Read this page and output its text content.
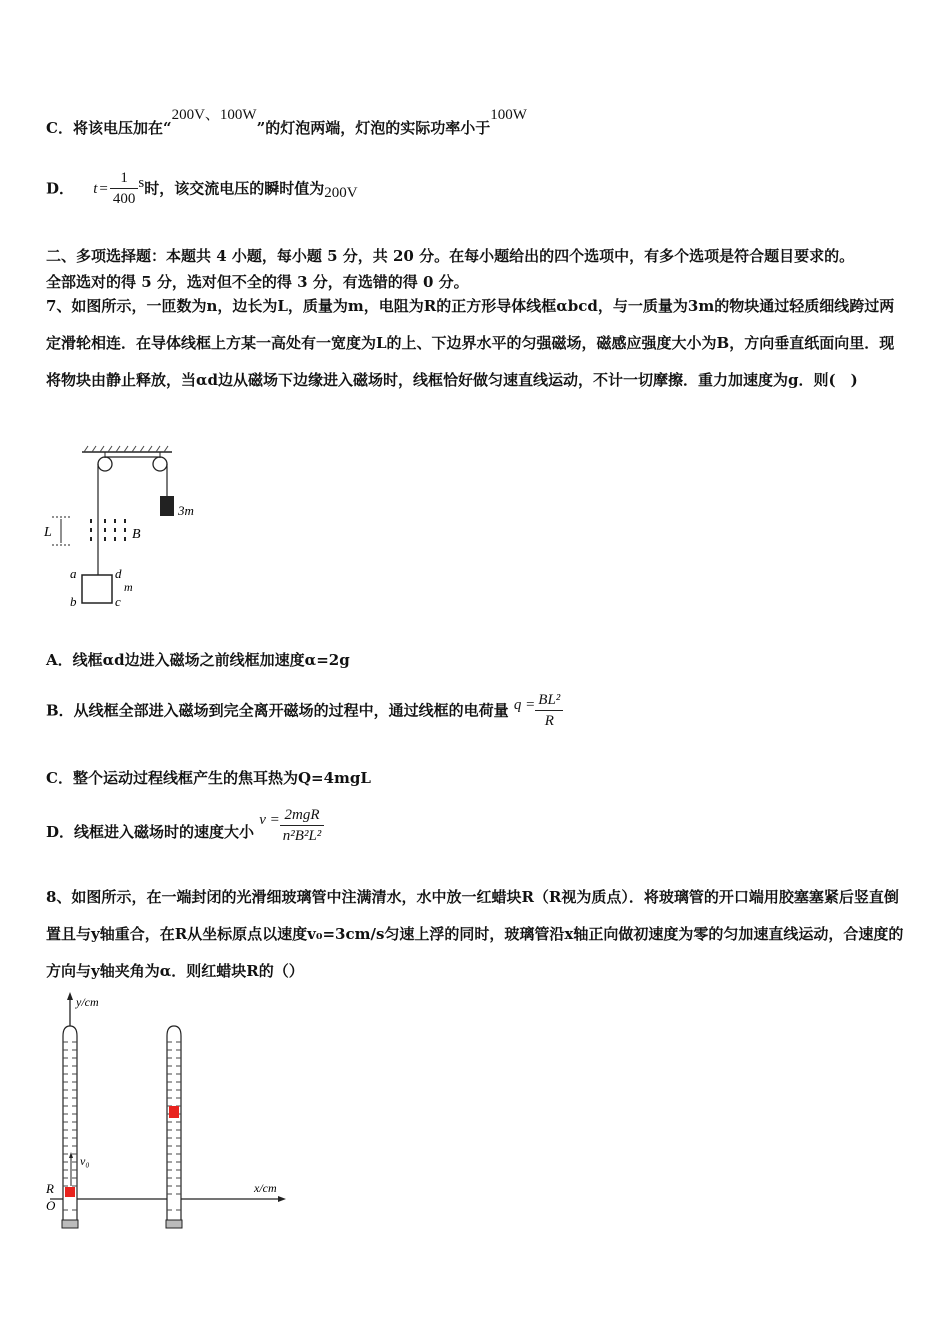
C．将该电压加在“200V、100W”的灯泡两端，灯泡的实际功率小于100W
D． $t = \frac{1}{400}$ s时，该交流电压的瞬时值为200V
二、多项选择题：本题共 4 小题，每小题 5 分，共 20 分。在每小题给出的四个选项中，有多个选项是符合题目要求的。
全部选对的得 5 分，选对但不全的得 3 分，有选错的得 0 分。
7、如图所示，一匝数为n，边长为L，质量为m，电阻为R的正方形导体线框αbcd，与一质量为3m的物块通过轻质细线跨过两定滑轮相连．在导体线框上方某一高处有一宽度为L的上、下边界水平的匀强磁场，磁感应强度大小为B，方向垂直纸面向里．现将物块由静止释放，当αd边从磁场下边缘进入磁场时，线框恰好做匀速直线运动，不计一切摩擦．重力加速度为g．则(　)
3m
L	B
a
b	c
d
m
A．线框αd边进入磁场之前线框加速度α=2g
B．从线框全部进入磁场到完全离开磁场的过程中，通过线框的电荷量 $q = \frac{\text{BL²}}{R}$
C．整个运动过程线框产生的焦耳热为Q=4mgL
D．线框进入磁场时的速度大小 $v = \frac{\text{2mgR}}{\text{n²B²L²}}$
8、如图所示，在一端封闭的光滑细玻璃管中注满清水，水中放一红蜡块R（R视为质点）．将玻璃管的开口端用胶塞塞紧后竖直倒置且与y轴重合，在R从坐标原点以速度v₀=3cm/s匀速上浮的同时，玻璃管沿x轴正向做初速度为零的匀加速直线运动，合速度的方向与y轴夹角为α．则红蜡块R的（）
y/cm
x/cm
v₀
R
O
